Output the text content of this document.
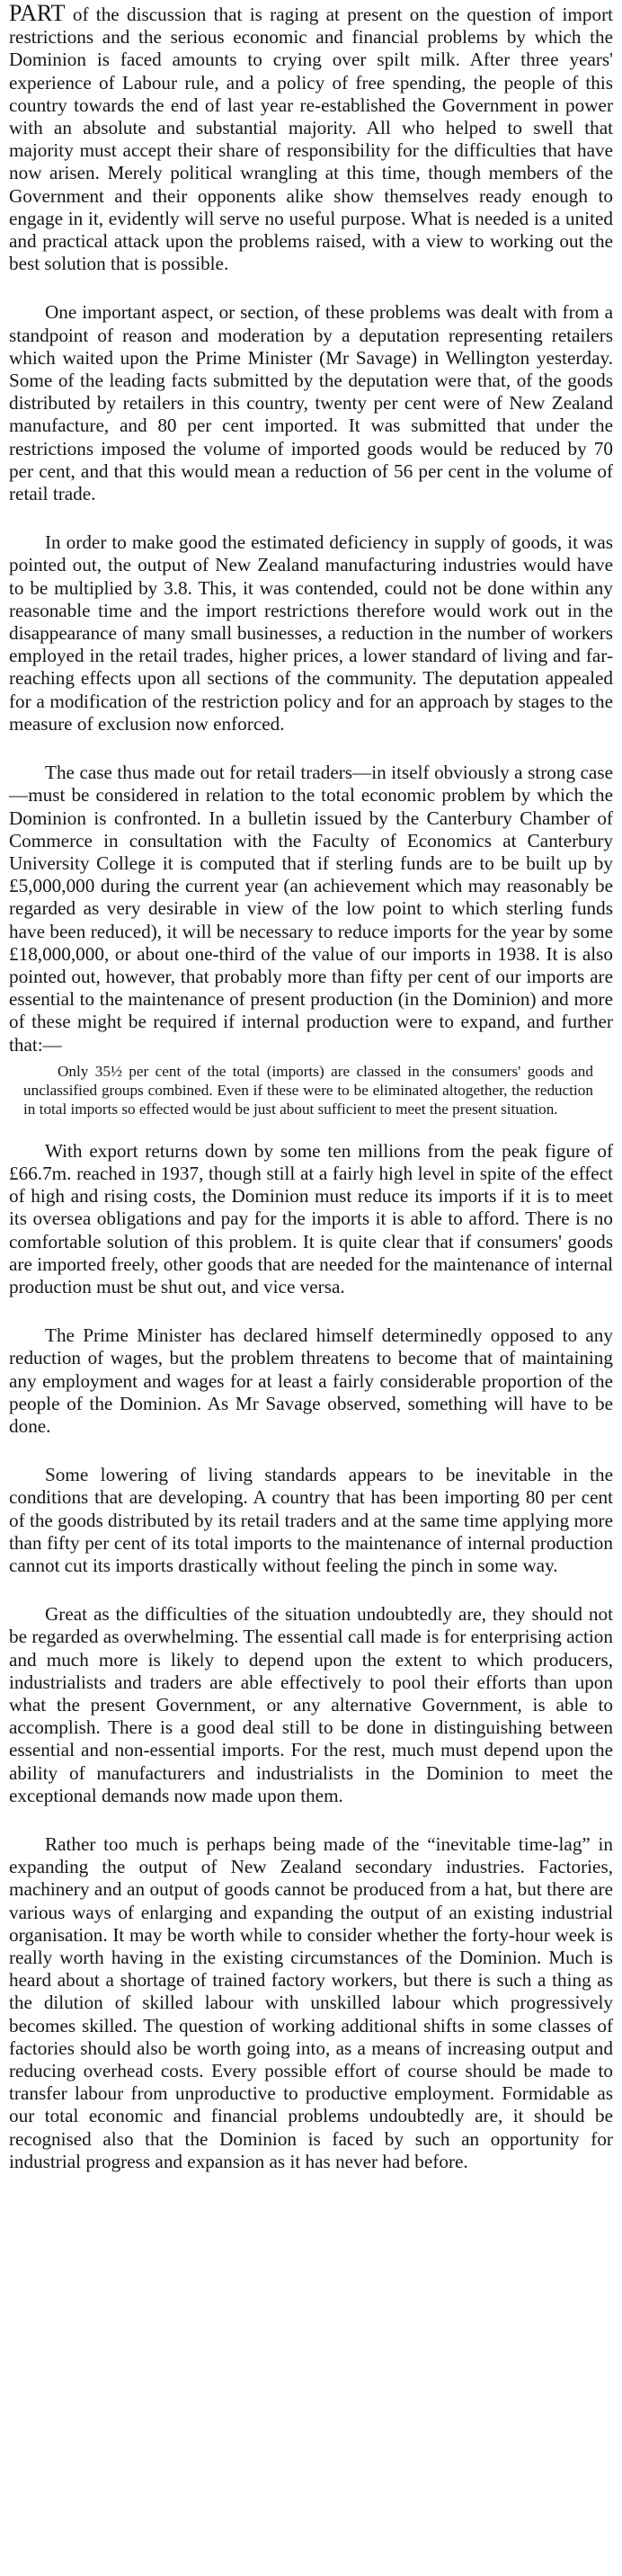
PART of the discussion that is raging at present on the question of import restrictions and the serious economic and financial problems by which the Dominion is faced amounts to crying over spilt milk. After three years' experience of Labour rule, and a policy of free spending, the people of this country towards the end of last year re-established the Government in power with an absolute and substantial majority. All who helped to swell that majority must accept their share of responsibility for the difficulties that have now arisen. Merely political wrangling at this time, though members of the Government and their opponents alike show themselves ready enough to engage in it, evidently will serve no useful purpose. What is needed is a united and practical attack upon the problems raised, with a view to working out the best solution that is possible.

One important aspect, or section, of these problems was dealt with from a standpoint of reason and moderation by a deputation representing retailers which waited upon the Prime Minister (Mr Savage) in Wellington yesterday. Some of the leading facts submitted by the deputation were that, of the goods distributed by retailers in this country, twenty per cent were of New Zealand manufacture, and 80 per cent imported. It was submitted that under the restrictions imposed the volume of imported goods would be reduced by 70 per cent, and that this would mean a reduction of 56 per cent in the volume of retail trade.

In order to make good the estimated deficiency in supply of goods, it was pointed out, the output of New Zealand manufacturing industries would have to be multiplied by 3.8. This, it was contended, could not be done within any reasonable time and the import restrictions therefore would work out in the disappearance of many small businesses, a reduction in the number of workers employed in the retail trades, higher prices, a lower standard of living and far-reaching effects upon all sections of the community. The deputation appealed for a modification of the restriction policy and for an approach by stages to the measure of exclusion now enforced.

The case thus made out for retail traders—in itself obviously a strong case—must be considered in relation to the total economic problem by which the Dominion is confronted. In a bulletin issued by the Canterbury Chamber of Commerce in consultation with the Faculty of Economics at Canterbury University College it is computed that if sterling funds are to be built up by £5,000,000 during the current year (an achievement which may reasonably be regarded as very desirable in view of the low point to which sterling funds have been reduced), it will be necessary to reduce imports for the year by some £18,000,000, or about one-third of the value of our imports in 1938. It is also pointed out, however, that probably more than fifty per cent of our imports are essential to the maintenance of present production (in the Dominion) and more of these might be required if internal production were to expand, and further that:—

Only 35½ per cent of the total (imports) are classed in the consumers' goods and unclassified groups combined. Even if these were to be eliminated altogether, the reduction in total imports so effected would be just about sufficient to meet the present situation.

With export returns down by some ten millions from the peak figure of £66.7m. reached in 1937, though still at a fairly high level in spite of the effect of high and rising costs, the Dominion must reduce its imports if it is to meet its oversea obligations and pay for the imports it is able to afford. There is no comfortable solution of this problem. It is quite clear that if consumers' goods are imported freely, other goods that are needed for the maintenance of internal production must be shut out, and vice versa.

The Prime Minister has declared himself determinedly opposed to any reduction of wages, but the problem threatens to become that of maintaining any employment and wages for at least a fairly considerable proportion of the people of the Dominion. As Mr Savage observed, something will have to be done.

Some lowering of living standards appears to be inevitable in the conditions that are developing. A country that has been importing 80 per cent of the goods distributed by its retail traders and at the same time applying more than fifty per cent of its total imports to the maintenance of internal production cannot cut its imports drastically without feeling the pinch in some way.

Great as the difficulties of the situation undoubtedly are, they should not be regarded as overwhelming. The essential call made is for enterprising action and much more is likely to depend upon the extent to which producers, industrialists and traders are able effectively to pool their efforts than upon what the present Government, or any alternative Government, is able to accomplish. There is a good deal still to be done in distinguishing between essential and non-essential imports. For the rest, much must depend upon the ability of manufacturers and industrialists in the Dominion to meet the exceptional demands now made upon them.

Rather too much is perhaps being made of the “inevitable time-lag” in expanding the output of New Zealand secondary industries. Factories, machinery and an output of goods cannot be produced from a hat, but there are various ways of enlarging and expanding the output of an existing industrial organisation. It may be worth while to consider whether the forty-hour week is really worth having in the existing circumstances of the Dominion. Much is heard about a shortage of trained factory workers, but there is such a thing as the dilution of skilled labour with unskilled labour which progressively becomes skilled. The question of working additional shifts in some classes of factories should also be worth going into, as a means of increasing output and reducing overhead costs. Every possible effort of course should be made to transfer labour from unproductive to productive employment. Formidable as our total economic and financial problems undoubtedly are, it should be recognised also that the Dominion is faced by such an opportunity for industrial progress and expansion as it has never had before.
